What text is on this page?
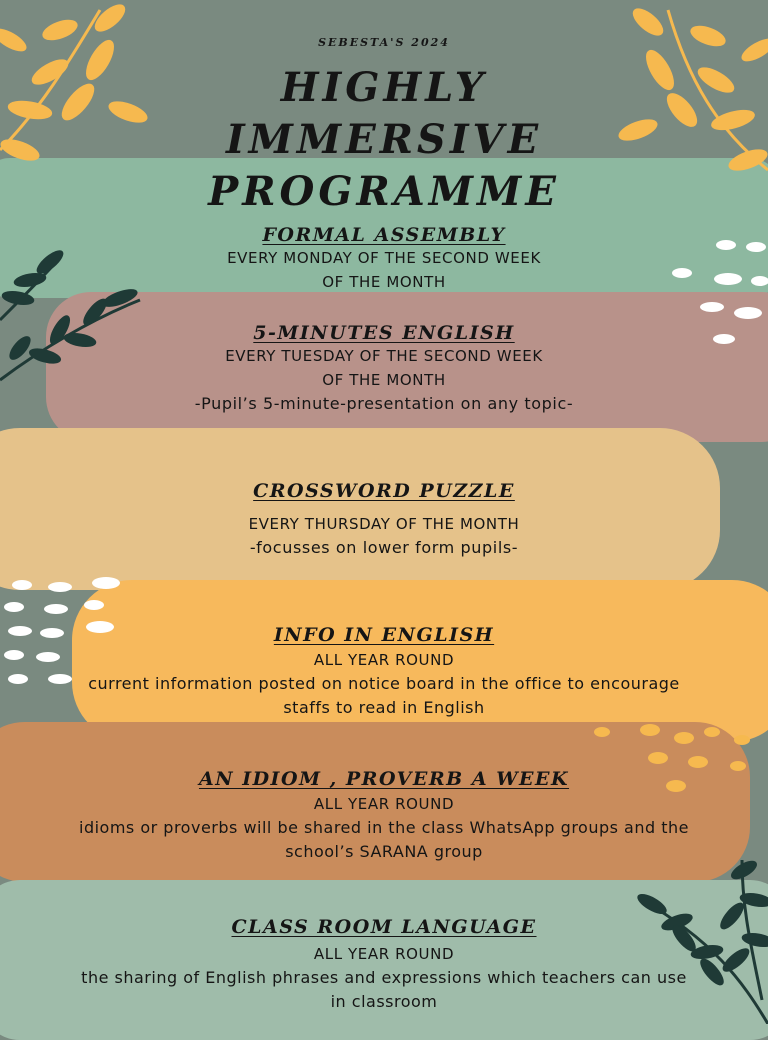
SEBESTA'S 2024
HIGHLY
IMMERSIVE
PROGRAMME
FORMAL ASSEMBLY
EVERY MONDAY OF THE SECOND WEEK
OF THE MONTH
5-MINUTES ENGLISH
EVERY TUESDAY OF THE SECOND WEEK
OF THE MONTH
-Pupil’s 5-minute-presentation on any topic-
CROSSWORD PUZZLE
EVERY THURSDAY OF THE MONTH
-focusses on lower form pupils-
INFO IN ENGLISH
ALL YEAR ROUND
current information posted on notice board in the office to encourage staffs to read in English
AN IDIOM , PROVERB A WEEK
ALL YEAR ROUND
idioms or proverbs will be shared in the class WhatsApp groups and the school’s SARANA group
CLASS ROOM LANGUAGE
ALL YEAR ROUND
the sharing of English phrases and expressions which teachers can use in classroom
